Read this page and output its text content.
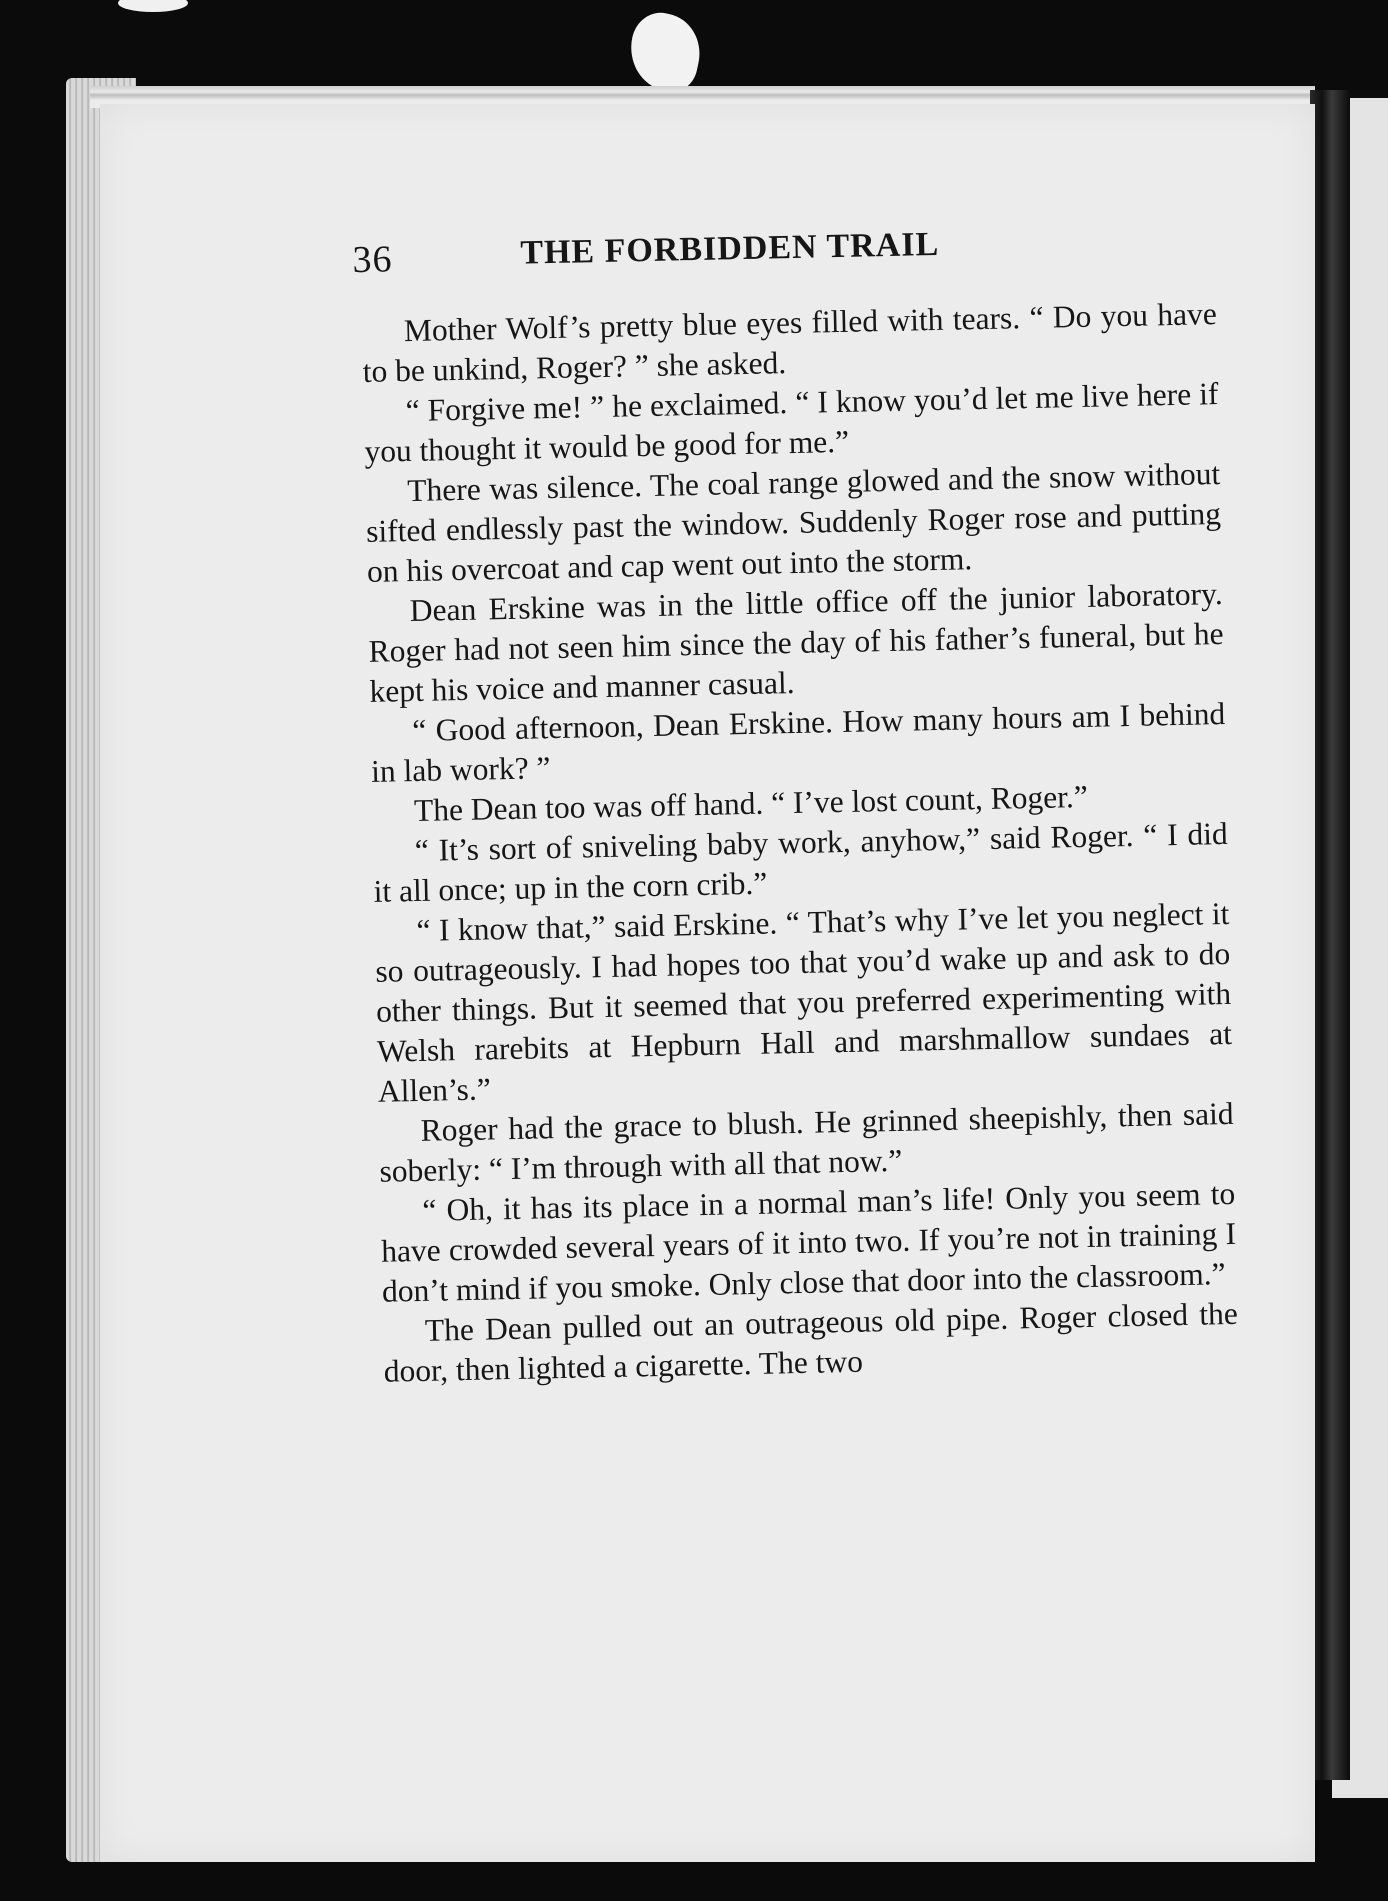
36	THE FORBIDDEN TRAIL

Mother Wolf’s pretty blue eyes filled with tears. “ Do you have to be unkind, Roger? ” she asked.

“ Forgive me! ” he exclaimed. “ I know you’d let me live here if you thought it would be good for me.”

There was silence. The coal range glowed and the snow without sifted endlessly past the window. Suddenly Roger rose and putting on his overcoat and cap went out into the storm.

Dean Erskine was in the little office off the junior laboratory. Roger had not seen him since the day of his father’s funeral, but he kept his voice and manner casual.

“ Good afternoon, Dean Erskine. How many hours am I behind in lab work? ”

The Dean too was off hand. “ I’ve lost count, Roger.”

“ It’s sort of sniveling baby work, anyhow,” said Roger. “ I did it all once; up in the corn crib.”

“ I know that,” said Erskine. “ That’s why I’ve let you neglect it so outrageously. I had hopes too that you’d wake up and ask to do other things. But it seemed that you preferred experimenting with Welsh rarebits at Hepburn Hall and marshmallow sundaes at Allen’s.”

Roger had the grace to blush. He grinned sheepishly, then said soberly: “ I’m through with all that now.”

“ Oh, it has its place in a normal man’s life! Only you seem to have crowded several years of it into two. If you’re not in training I don’t mind if you smoke. Only close that door into the classroom.”

The Dean pulled out an outrageous old pipe. Roger closed the door, then lighted a cigarette. The two
